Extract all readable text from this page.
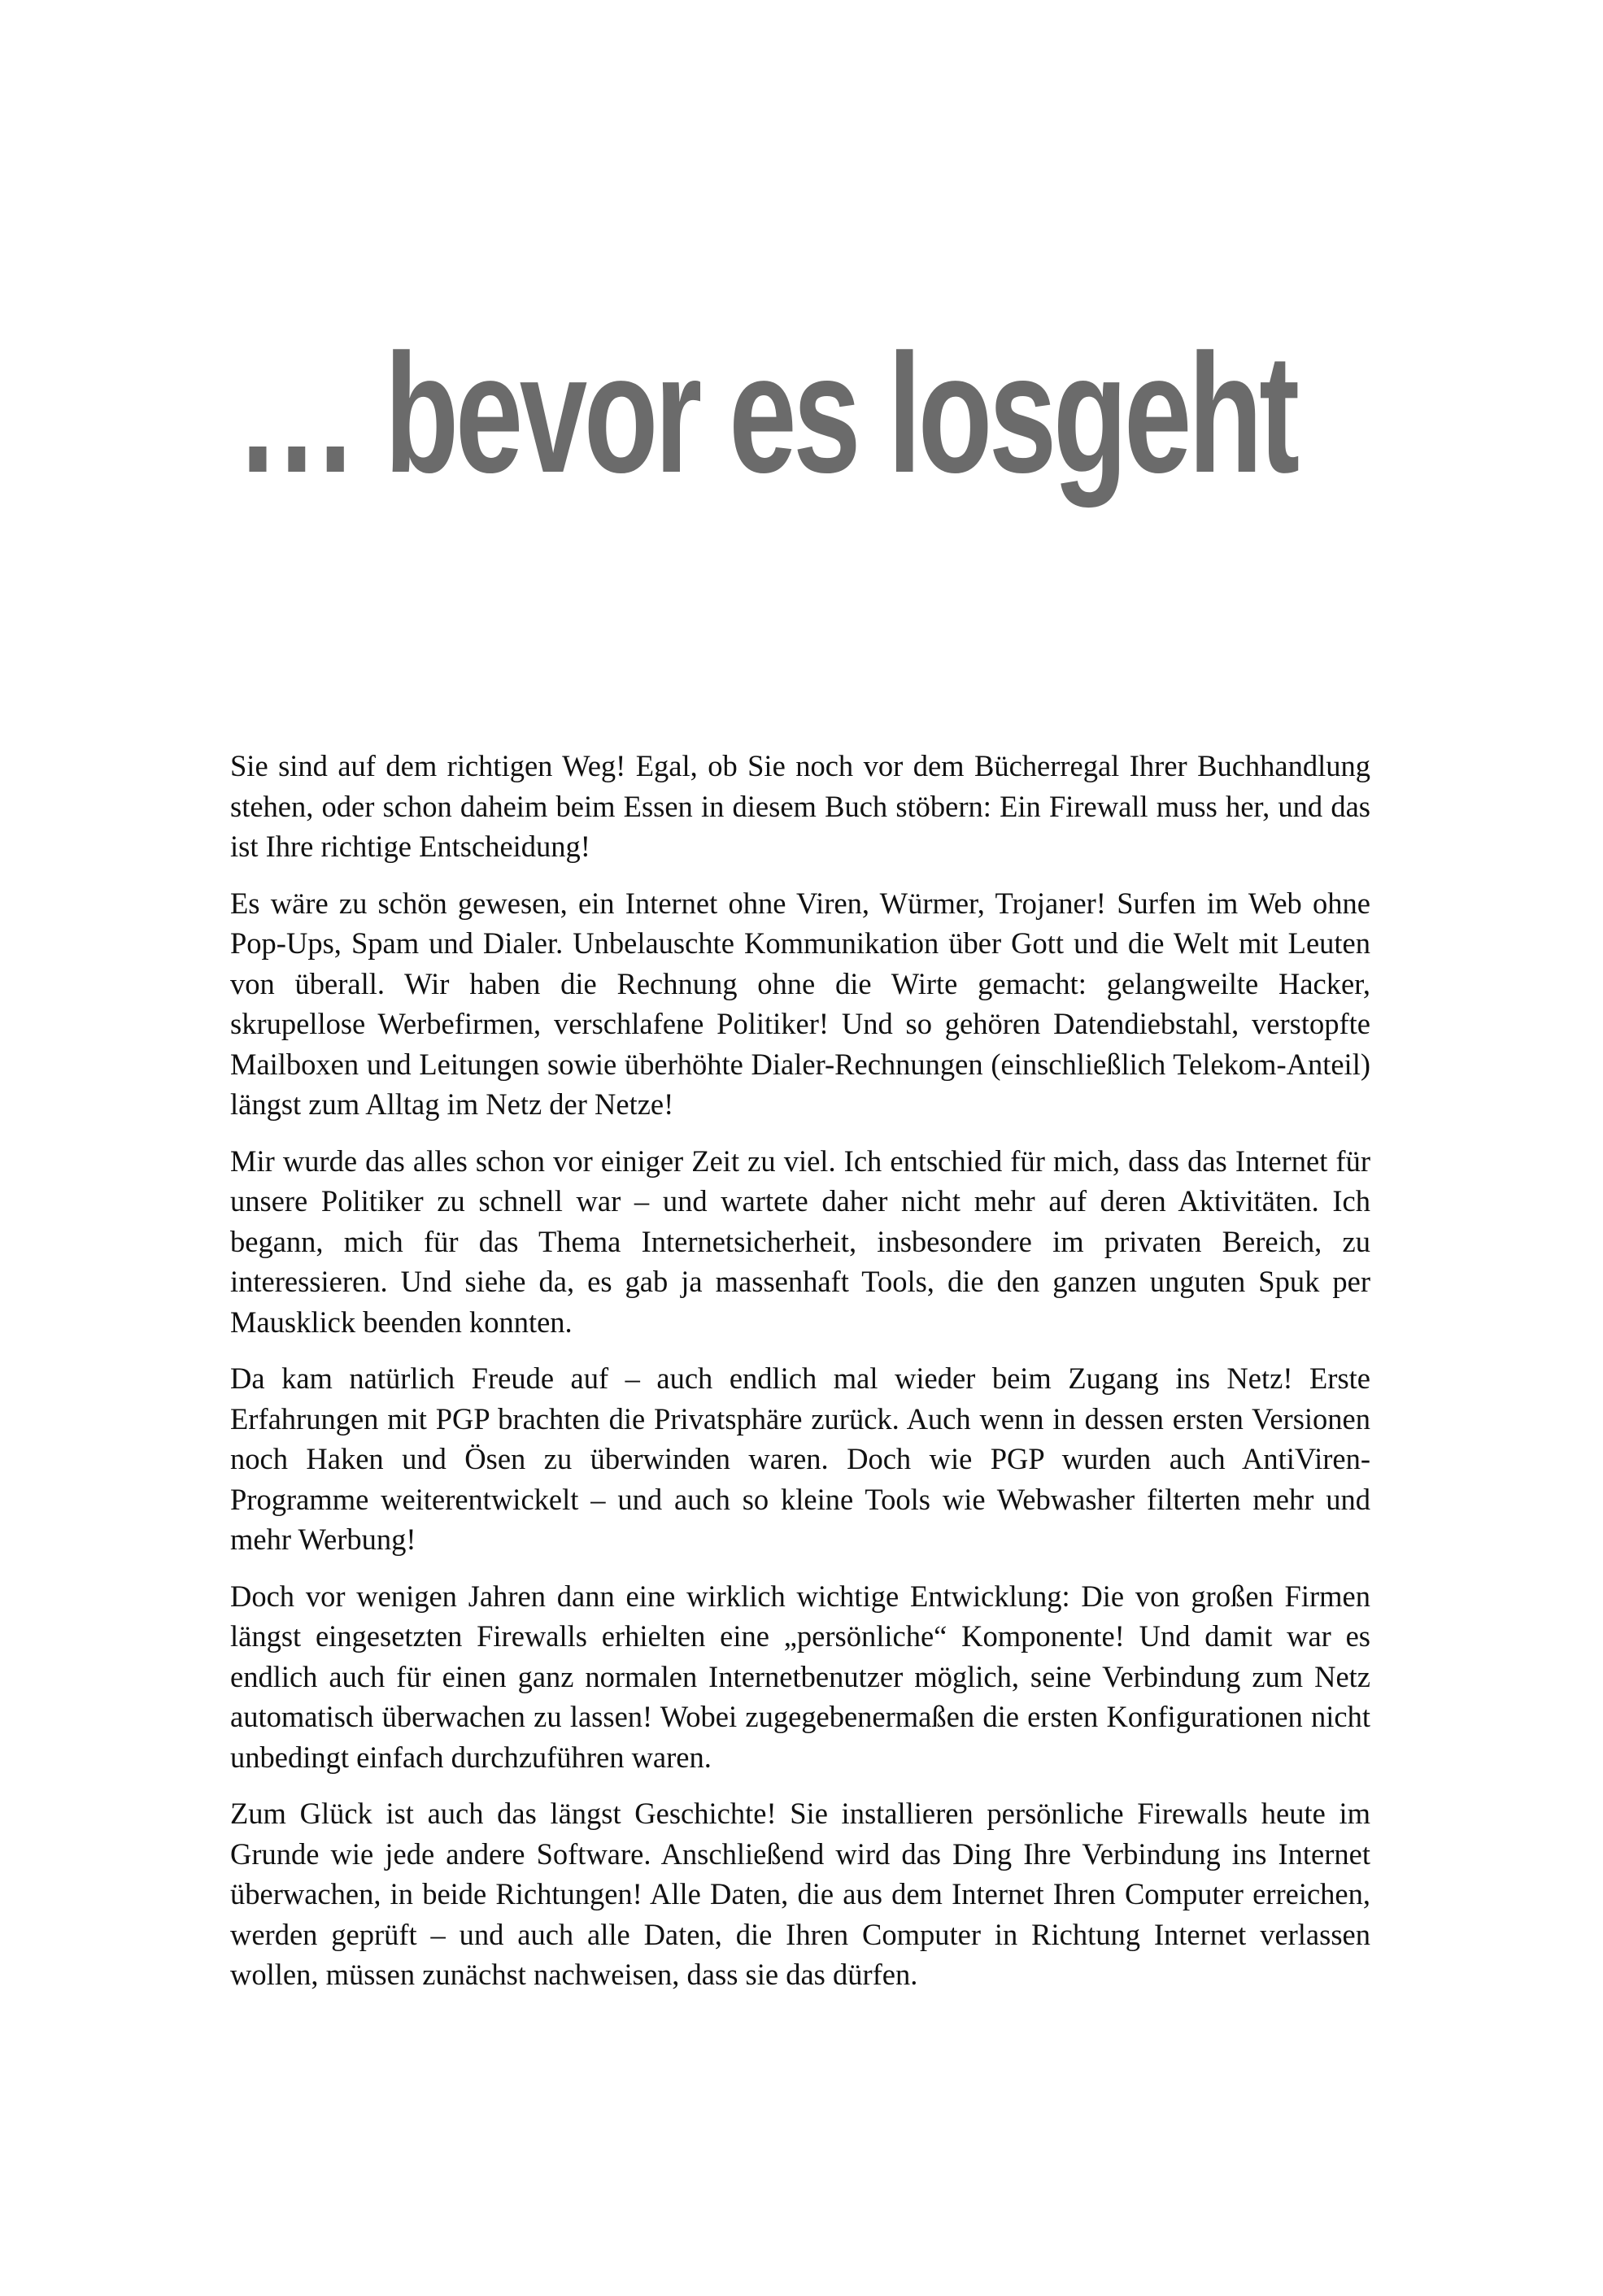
… bevor es losgeht

Sie sind auf dem richtigen Weg! Egal, ob Sie noch vor dem Bücherregal Ihrer Buchhandlung stehen, oder schon daheim beim Essen in diesem Buch stöbern: Ein Firewall muss her, und das ist Ihre richtige Entscheidung!

Es wäre zu schön gewesen, ein Internet ohne Viren, Würmer, Trojaner! Surfen im Web ohne Pop-Ups, Spam und Dialer. Unbelauschte Kommunikation über Gott und die Welt mit Leuten von überall. Wir haben die Rechnung ohne die Wirte gemacht: gelangweilte Hacker, skrupellose Werbefirmen, verschlafene Politiker! Und so gehören Datendiebstahl, verstopfte Mailboxen und Leitungen sowie überhöhte Dialer-Rechnungen (einschließlich Telekom-Anteil) längst zum Alltag im Netz der Netze!

Mir wurde das alles schon vor einiger Zeit zu viel. Ich entschied für mich, dass das Internet für unsere Politiker zu schnell war – und wartete daher nicht mehr auf deren Aktivitäten. Ich begann, mich für das Thema Internetsicherheit, insbesondere im privaten Bereich, zu interessieren. Und siehe da, es gab ja massenhaft Tools, die den ganzen unguten Spuk per Mausklick beenden konnten.

Da kam natürlich Freude auf – auch endlich mal wieder beim Zugang ins Netz! Erste Erfahrungen mit PGP brachten die Privatsphäre zurück. Auch wenn in dessen ersten Versionen noch Haken und Ösen zu überwinden waren. Doch wie PGP wurden auch AntiViren-Programme weiterentwickelt – und auch so kleine Tools wie Webwasher filterten mehr und mehr Werbung!

Doch vor wenigen Jahren dann eine wirklich wichtige Entwicklung: Die von großen Firmen längst eingesetzten Firewalls erhielten eine „persönliche“ Komponente! Und damit war es endlich auch für einen ganz normalen Internetbenutzer möglich, seine Verbindung zum Netz automatisch überwachen zu lassen! Wobei zugegebenermaßen die ersten Konfigurationen nicht unbedingt einfach durchzuführen waren.

Zum Glück ist auch das längst Geschichte! Sie installieren persönliche Firewalls heute im Grunde wie jede andere Software. Anschließend wird das Ding Ihre Verbindung ins Internet überwachen, in beide Richtungen! Alle Daten, die aus dem Internet Ihren Computer erreichen, werden geprüft – und auch alle Daten, die Ihren Computer in Richtung Internet verlassen wollen, müssen zunächst nachweisen, dass sie das dürfen.
